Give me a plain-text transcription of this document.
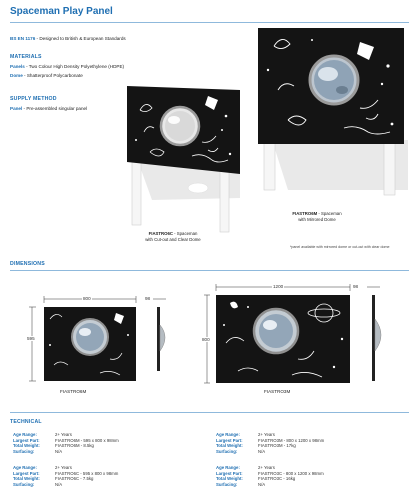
Spaceman Play Panel
BS EN 1176 - Designed to British & European Standards
MATERIALS
Panels - Two Colour High Density Polyethylene (HDPE)
Dome - Shatterproof Polycarbonate
SUPPLY METHOD
Panel - Pre-assembled singular panel
FIASTRO6C - Spaceman
with Cut-out and Clear Dome
FIASTRO6M - Spaceman
with Mirrored Dome
*panel available with mirrored dome or cut-out with clear dome
DIMENSIONS
800
595
98
FIASTRO6M
1200
800
98
FIASTRO3M
TECHNICAL
Age Range:	2+ Years
Largest Part:	FIASTRO6M - 595 x 800 x 98mm
Total Weight:	FIASTRO6M - 8.5kg
Surfacing:	N/A
Age Range:	2+ Years
Largest Part:	FIASTRO3M - 800 x 1200 x 98mm
Total Weight:	FIASTRO3M - 17kg
Surfacing:	N/A
Age Range:	2+ Years
Largest Part:	FIASTRO6C - 595 x 800 x 98mm
Total Weight:	FIASTRO6C - 7.5kg
Surfacing:	N/A
Age Range:	2+ Years
Largest Part:	FIASTRO3C - 800 x 1200 x 98mm
Total Weight:	FIASTRO3C - 16kg
Surfacing:	N/A
